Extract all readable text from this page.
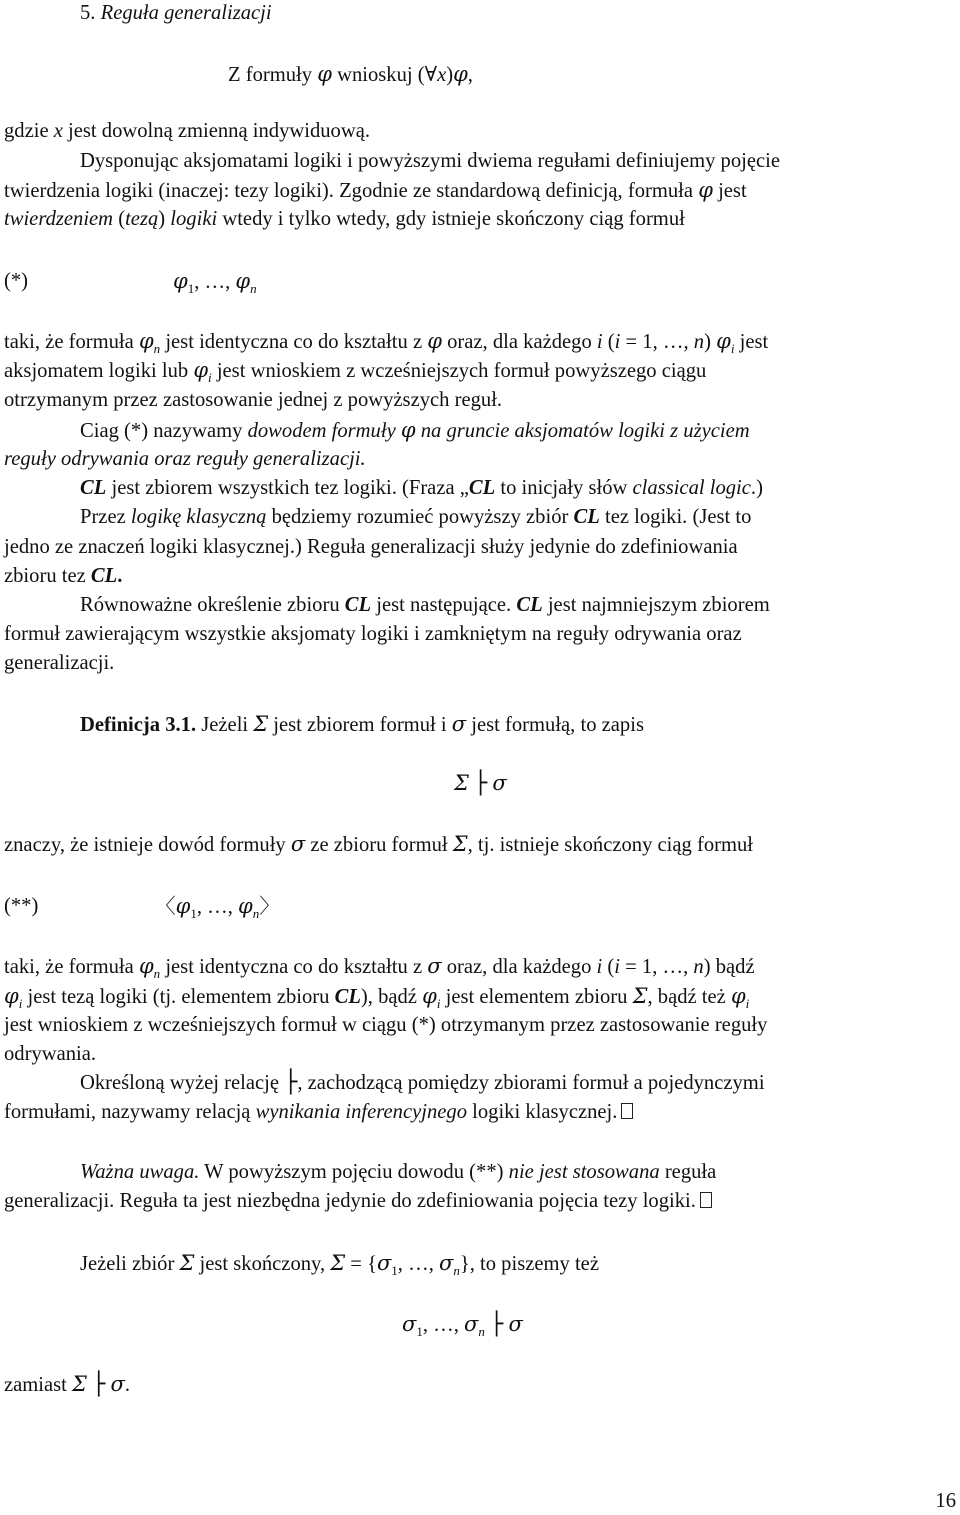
5. Reguła generalizacji
Z formuły φ wnioskuj (∀x)φ,
gdzie x jest dowolną zmienną indywiduową.
Dysponując aksjomatami logiki i powyższymi dwiema regułami definiujemy pojęcie
twierdzenia logiki (inaczej: tezy logiki). Zgodnie ze standardową definicją, formuła φ jest
twierdzeniem (tezą) logiki wtedy i tylko wtedy, gdy istnieje skończony ciąg formuł
(*)	$\varphi_1$, …, $\varphi_n$
taki, że formuła $\varphi_n$ jest identyczna co do kształtu z φ oraz, dla każdego i (i = 1, …, n) $\varphi_i$ jest
aksjomatem logiki lub $\varphi_i$ jest wnioskiem z wcześniejszych formuł powyższego ciągu
otrzymanym przez zastosowanie jednej z powyższych reguł.
Ciag (*) nazywamy dowodem formuły φ na gruncie aksjomatów logiki z użyciem
reguły odrywania oraz reguły generalizacji.
CL jest zbiorem wszystkich tez logiki. (Fraza „CL to inicjały słów classical logic.)
Przez logikę klasyczną będziemy rozumieć powyższy zbiór CL tez logiki. (Jest to
jedno ze znaczeń logiki klasycznej.) Reguła generalizacji służy jedynie do zdefiniowania
zbioru tez CL.
Równoważne określenie zbioru CL jest następujące. CL jest najmniejszym zbiorem
formuł zawierającym wszystkie aksjomaty logiki i zamkniętym na reguły odrywania oraz
generalizacji.
Definicja 3.1. Jeżeli Σ jest zbiorem formuł i σ jest formułą, to zapis
Σ ├ σ
znaczy, że istnieje dowód formuły σ ze zbioru formuł Σ, tj. istnieje skończony ciąg formuł
(**)	〈$\varphi_1$, …, $\varphi_n$〉
taki, że formuła $\varphi_n$ jest identyczna co do kształtu z σ oraz, dla każdego i (i = 1, …, n) bądź
$\varphi_i$ jest tezą logiki (tj. elementem zbioru CL), bądź $\varphi_i$ jest elementem zbioru Σ, bądź też $\varphi_i$
jest wnioskiem z wcześniejszych formuł w ciągu (*) otrzymanym przez zastosowanie reguły
odrywania.
Określoną wyżej relację ├, zachodzącą pomiędzy zbiorami formuł a pojedynczymi
formułami, nazywamy relacją wynikania inferencyjnego logiki klasycznej.
Ważna uwaga. W powyższym pojęciu dowodu (**) nie jest stosowana reguła
generalizacji. Reguła ta jest niezbędna jedynie do zdefiniowania pojęcia tezy logiki.
Jeżeli zbiór Σ jest skończony, $\Sigma = \{\sigma_1$, …, $\sigma_n$}, to piszemy też
$\sigma_1$, …, $\sigma_n$ ├ σ
zamiast Σ ├ σ.
16
